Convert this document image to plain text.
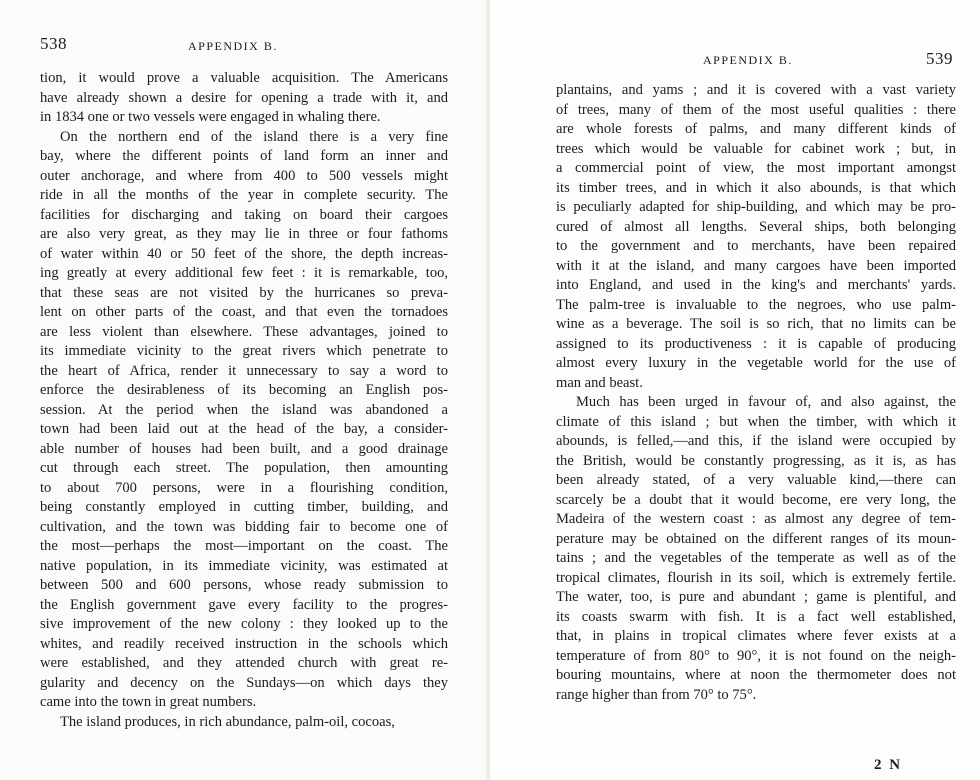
538	APPENDIX B.
tion, it would prove a valuable acquisition. The Americans
have already shown a desire for opening a trade with it, and
in 1834 one or two vessels were engaged in whaling there.
On the northern end of the island there is a very fine
bay, where the different points of land form an inner and
outer anchorage, and where from 400 to 500 vessels might
ride in all the months of the year in complete security. The
facilities for discharging and taking on board their cargoes
are also very great, as they may lie in three or four fathoms
of water within 40 or 50 feet of the shore, the depth increas-
ing greatly at every additional few feet : it is remarkable, too,
that these seas are not visited by the hurricanes so preva-
lent on other parts of the coast, and that even the tornadoes
are less violent than elsewhere. These advantages, joined to
its immediate vicinity to the great rivers which penetrate to
the heart of Africa, render it unnecessary to say a word to
enforce the desirableness of its becoming an English pos-
session. At the period when the island was abandoned a
town had been laid out at the head of the bay, a consider-
able number of houses had been built, and a good drainage
cut through each street. The population, then amounting
to about 700 persons, were in a flourishing condition,
being constantly employed in cutting timber, building, and
cultivation, and the town was bidding fair to become one of
the most—perhaps the most—important on the coast. The
native population, in its immediate vicinity, was estimated at
between 500 and 600 persons, whose ready submission to
the English government gave every facility to the progres-
sive improvement of the new colony : they looked up to the
whites, and readily received instruction in the schools which
were established, and they attended church with great re-
gularity and decency on the Sundays—on which days they
came into the town in great numbers.
The island produces, in rich abundance, palm-oil, cocoas,
APPENDIX B.	539
plantains, and yams ; and it is covered with a vast variety
of trees, many of them of the most useful qualities : there
are whole forests of palms, and many different kinds of
trees which would be valuable for cabinet work ; but, in
a commercial point of view, the most important amongst
its timber trees, and in which it also abounds, is that which
is peculiarly adapted for ship-building, and which may be pro-
cured of almost all lengths. Several ships, both belonging
to the government and to merchants, have been repaired
with it at the island, and many cargoes have been imported
into England, and used in the king's and merchants' yards.
The palm-tree is invaluable to the negroes, who use palm-
wine as a beverage. The soil is so rich, that no limits can be
assigned to its productiveness : it is capable of producing
almost every luxury in the vegetable world for the use of
man and beast.
Much has been urged in favour of, and also against, the
climate of this island ; but when the timber, with which it
abounds, is felled,—and this, if the island were occupied by
the British, would be constantly progressing, as it is, as has
been already stated, of a very valuable kind,—there can
scarcely be a doubt that it would become, ere very long, the
Madeira of the western coast : as almost any degree of tem-
perature may be obtained on the different ranges of its moun-
tains ; and the vegetables of the temperate as well as of the
tropical climates, flourish in its soil, which is extremely fertile.
The water, too, is pure and abundant ; game is plentiful, and
its coasts swarm with fish. It is a fact well established,
that, in plains in tropical climates where fever exists at a
temperature of from 80° to 90°, it is not found on the neigh-
bouring mountains, where at noon the thermometer does not
range higher than from 70° to 75°.
2 N
